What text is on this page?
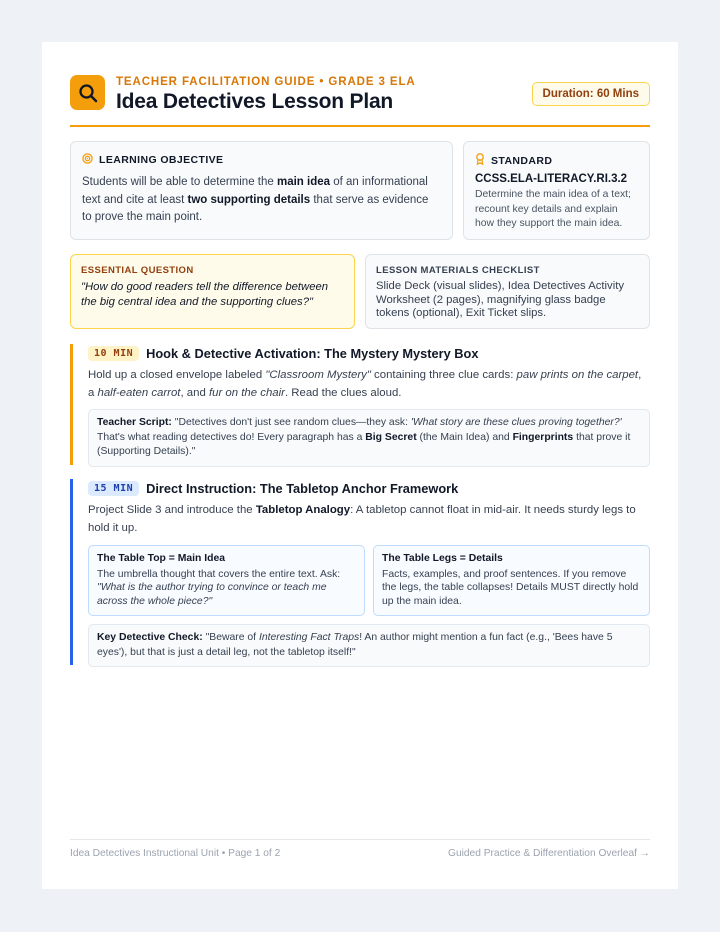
TEACHER FACILITATION GUIDE • GRADE 3 ELA
Idea Detectives Lesson Plan	Duration: 60 Mins
LEARNING OBJECTIVE

Students will be able to determine the main idea of an informational text and cite at least two supporting details that serve as evidence to prove the main point.

STANDARD
CCSS.ELA-LITERACY.RI.3.2
Determine the main idea of a text; recount key details and explain how they support the main idea.
ESSENTIAL QUESTION

"How do good readers tell the difference between the big central idea and the supporting clues?"

LESSON MATERIALS CHECKLIST

Slide Deck (visual slides), Idea Detectives Activity Worksheet (2 pages), magnifying glass badge tokens (optional), Exit Ticket slips.

10 MIN	Hook & Detective Activation: The Mystery Mystery Box
Hold up a closed envelope labeled "Classroom Mystery" containing three clue cards: paw prints on the carpet, a half-eaten carrot, and fur on the chair. Read the clues aloud.
Teacher Script: "Detectives don't just see random clues—they ask: 'What story are these clues proving together?' That's what reading detectives do! Every paragraph has a Big Secret (the Main Idea) and Fingerprints that prove it (Supporting Details)."
15 MIN	Direct Instruction: The Tabletop Anchor Framework
Project Slide 3 and introduce the Tabletop Analogy: A tabletop cannot float in mid-air. It needs sturdy legs to hold it up.
The Table Top = Main Idea
The umbrella thought that covers the entire text. Ask: "What is the author trying to convince or teach me across the whole piece?"
The Table Legs = Details
Facts, examples, and proof sentences. If you remove the legs, the table collapses! Details MUST directly hold up the main idea.
Key Detective Check: "Beware of Interesting Fact Traps! An author might mention a fun fact (e.g., 'Bees have 5 eyes'), but that is just a detail leg, not the tabletop itself!"
Idea Detectives Instructional Unit • Page 1 of 2	Guided Practice & Differentiation Overleaf →
